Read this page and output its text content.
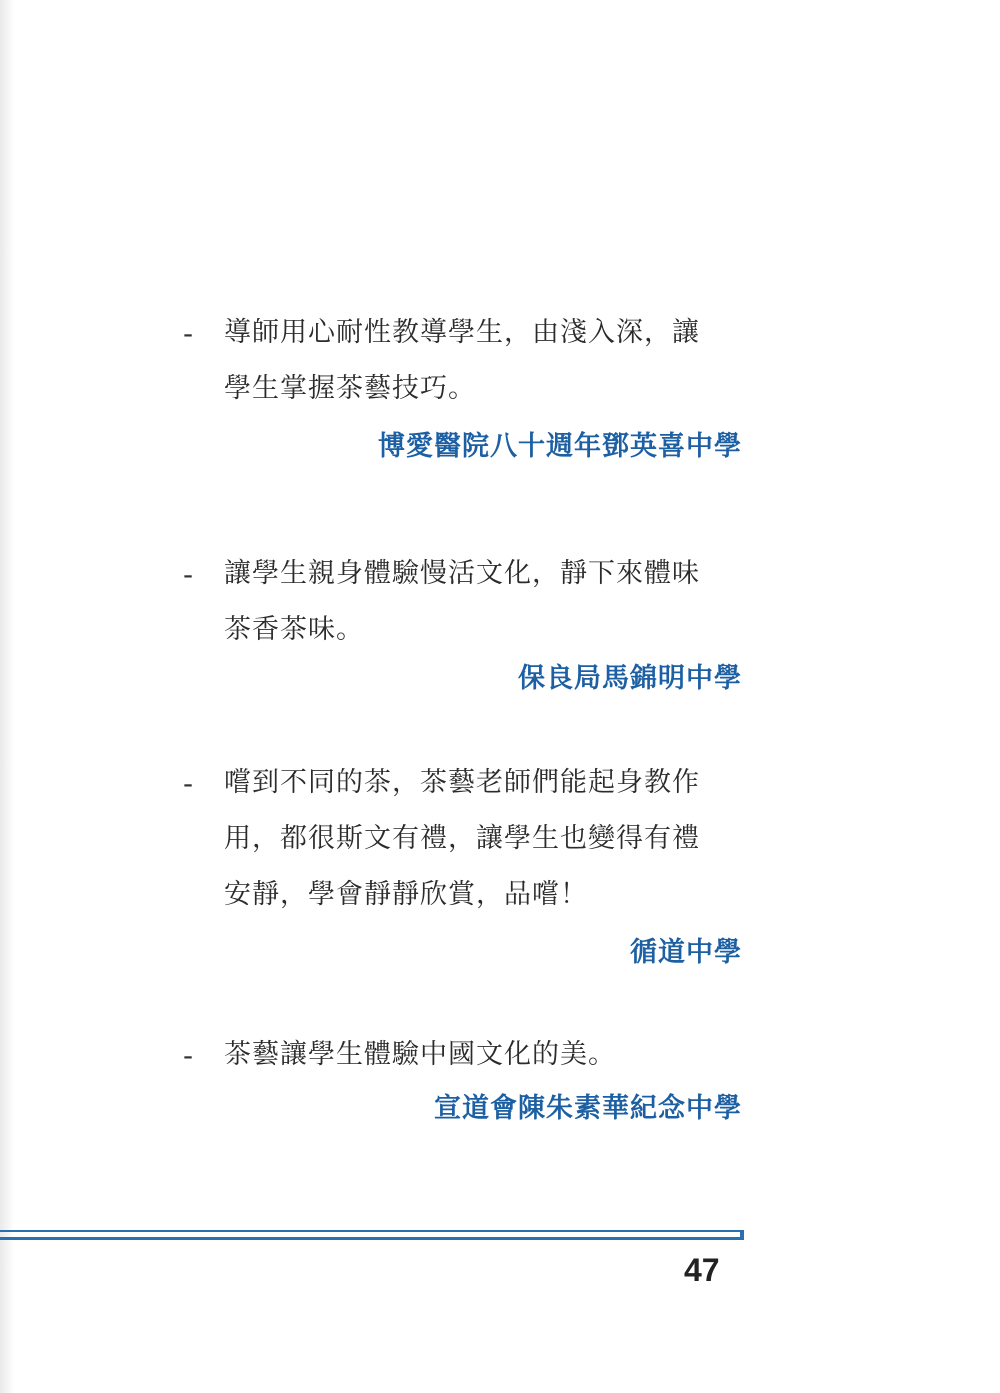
- 導師用心耐性教導學生，由淺入深，讓
學生掌握茶藝技巧。

博愛醫院八十週年鄧英喜中學
- 讓學生親身體驗慢活文化，靜下來體味
茶香茶味。

保良局馬錦明中學
- 嚐到不同的茶，茶藝老師們能起身教作
用，都很斯文有禮，讓學生也變得有禮
安靜，學會靜靜欣賞，品嚐！

循道中學
- 茶藝讓學生體驗中國文化的美。

宣道會陳朱素華紀念中學
47
